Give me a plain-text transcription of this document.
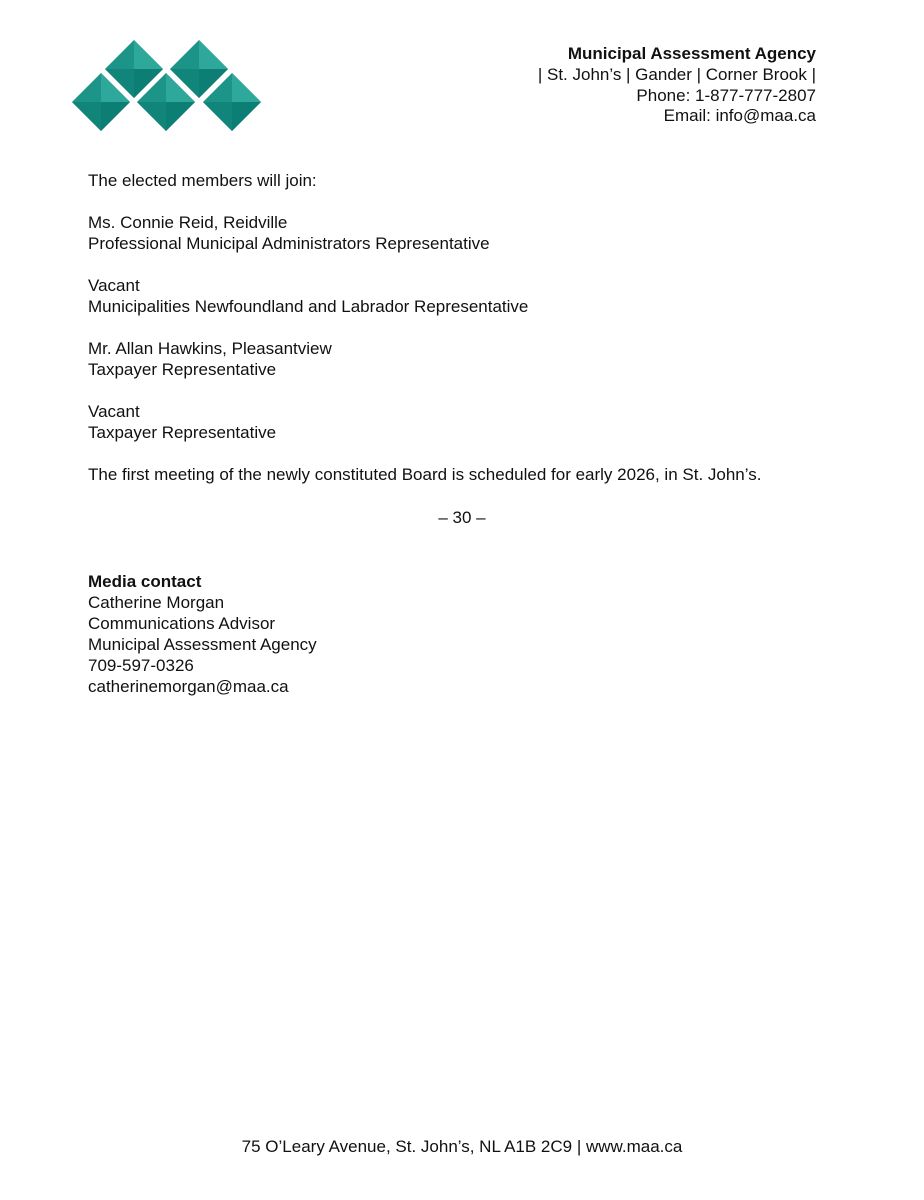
Municipal Assessment Agency
| St. John’s | Gander | Corner Brook |
Phone: 1-877-777-2807
Email: info@maa.ca

The elected members will join:

Ms. Connie Reid, Reidville
Professional Municipal Administrators Representative
Vacant
Municipalities Newfoundland and Labrador Representative
Mr. Allan Hawkins, Pleasantview
Taxpayer Representative
Vacant
Taxpayer Representative

The first meeting of the newly constituted Board is scheduled for early 2026, in St. John’s.

– 30 –
Media contact
Catherine Morgan
Communications Advisor
Municipal Assessment Agency
709-597-0326
catherinemorgan@maa.ca
75 O’Leary Avenue, St. John’s, NL A1B 2C9 | www.maa.ca
